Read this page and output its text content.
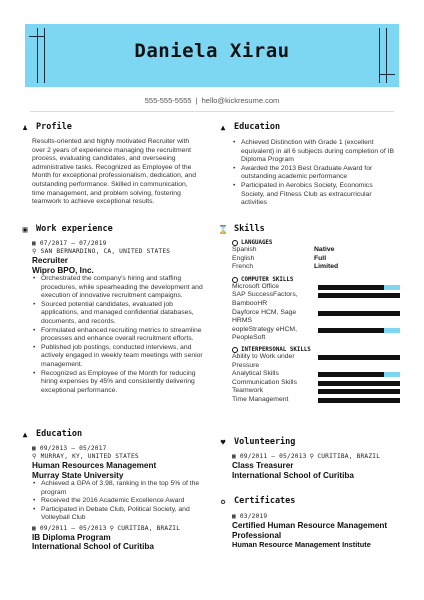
Daniela Xirau
555-555-5555 | hello@kickresume.com
♟	Profile
Results-oriented and highly motivated Recruiter with over 2 years of experience managing the recruitment process, evaluating candidates, and overseeing administrative tasks. Recognized as Employee of the Month for exceptional professionalism, dedication, and outstanding performance. Skilled in communication, time management, and problem solving, fostering teamwork to achieve exceptional results.
▲	Education
• Achieved Distinction with Grade 1 (excellent equivalent) in all 6 subjects during completion of IB Diploma Program
• Awarded the 2013 Best Graduate Award for outstanding academic performance
• Participated in Aerobics Society, Economics Society, and Fitness Club as extracurricular activities
▣	Work experience
▦ 07/2017 – 07/2019
⚲ SAN BERNARDINO, CA, UNITED STATES
Recruiter
Wipro BPO, Inc.
• Orchestrated the company's hiring and staffing procedures, while spearheading the development and execution of innovative recruitment campaigns.
• Sourced potential candidates, evaluated job applications, and managed confidential databases, documents, and records.
• Formulated enhanced recruiting metrics to streamline processes and enhance overall recruitment efforts.
• Published job postings, conducted interviews, and actively engaged in weekly team meetings with senior management.
• Recognized as Employee of the Month for reducing hiring expenses by 45% and consistently delivering exceptional performance.
⌛ Skills
LANGUAGES
Spanish	Native
English	Full
French	Limited
COMPUTER SKILLS
Microsoft Office
SAP SuccessFactors, BambooHR
Dayforce HCM, Sage HRMS
eopleStrategy eHCM, PeopleSoft
INTERPERSONAL SKILLS
Ability to Work under Pressure
Analytical Skills
Communication Skills
Teamwork
Time Management
▲	Education
▦ 09/2013 – 05/2017
⚲ MURRAY, KY, UNITED STATES
Human Resources Management
Murray State University
• Achieved a GPA of 3.98, ranking in the top 5% of the program
• Received the 2016 Academic Excellence Award
• Participated in Debate Club, Political Society, and Volleyball Club
▦ 09/2011 – 05/2013 ⚲ CURITIBA, BRAZIL
IB Diploma Program
International School of Curitiba
♥	Volunteering
▦ 09/2011 – 05/2013 ⚲ CURITIBA, BRAZIL
Class Treasurer
International School of Curitiba
✪	Certificates
▦ 03/2019
Certified Human Resource Management Professional
Human Resource Management Institute
